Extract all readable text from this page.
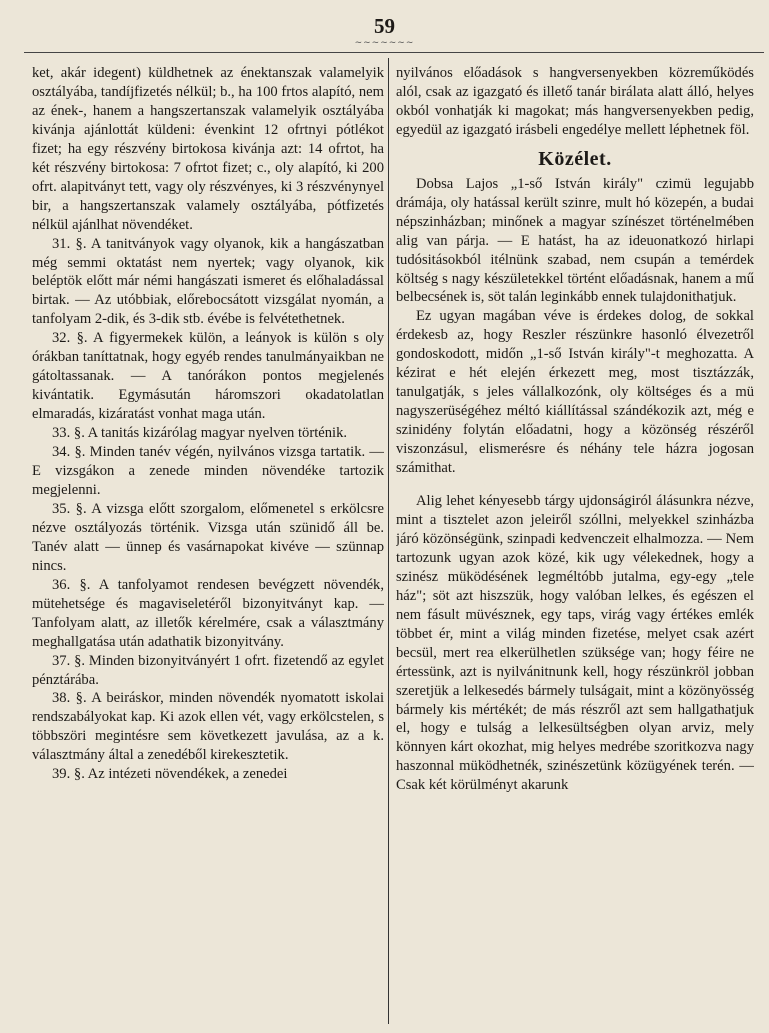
59
~~~~~~~

ket, akár idegent) küldhetnek az énektanszak valamelyik osztályába, tandíjfizetés nélkül; b., ha 100 frtos alapító, nem az ének-, hanem a hangszertanszak valamelyik osztályába kivánja ajánlottát küldeni: évenkint 12 ofrtnyi pótlékot fizet; ha egy részvény birtokosa kivánja azt: 14 ofrtot, ha két részvény birtokosa: 7 ofrtot fizet; c., oly alapító, ki 200 ofrt. alapitványt tett, vagy oly részvényes, ki 3 részvénynyel bir, a hangszertanszak valamely osztályába, pótfizetés nélkül ajánlhat növendéket.

31. §. A tanitványok vagy olyanok, kik a hangászatban még semmi oktatást nem nyertek; vagy olyanok, kik beléptök előtt már némi hangászati ismeret és előhaladással birtak. — Az utóbbiak, előrebocsátott vizsgálat nyomán, a tanfolyam 2-dik, és 3-dik stb. évébe is felvétethetnek.

32. §. A figyermekek külön, a leányok is külön s oly órákban taníttatnak, hogy egyéb rendes tanulmányaikban ne gátoltassanak. — A tanórákon pontos megjelenés kivántatik. Egymásután háromszori okadatolatlan elmaradás, kizáratást vonhat maga után.

33. §. A tanitás kizárólag magyar nyelven történik.

34. §. Minden tanév végén, nyilvános vizsga tartatik. — E vizsgákon a zenede minden növendéke tartozik megjelenni.

35. §. A vizsga előtt szorgalom, előmenetel s erkölcsre nézve osztályozás történik. Vizsga után szünidő áll be. Tanév alatt — ünnep és vasárnapokat kivéve — szünnap nincs.

36. §. A tanfolyamot rendesen bevégzett növendék, mütehetsége és magaviseletéről bizonyitványt kap. — Tanfolyam alatt, az illetők kérelmére, csak a választmány meghallgatása után adathatik bizonyitvány.

37. §. Minden bizonyitványért 1 ofrt. fizetendő az egylet pénztárába.

38. §. A beiráskor, minden növendék nyomatott iskolai rendszabályokat kap. Ki azok ellen vét, vagy erkölcstelen, s többszöri megintésre sem következett javulása, az a k. választmány által a zenedéből kirekesztetik.

39. §. Az intézeti növendékek, a zenedei

nyilvános előadások s hangversenyekben közreműködés alól, csak az igazgató és illető tanár birálata alatt álló, helyes okból vonhatják ki magokat; más hangversenyekben pedig, egyedül az igazgató irásbeli engedélye mellett léphetnek föl.

Közélet.

Dobsa Lajos „1-ső István király" czimü legujabb drámája, oly hatással került szinre, mult hó közepén, a budai népszinházban; minőnek a magyar színészet történelmében alig van párja. — E hatást, ha az ideuonatkozó hirlapi tudósitásokból itélnünk szabad, nem csupán a temérdek költség s nagy készületekkel történt előadásnak, hanem a mű belbecsének is, söt talán leginkább ennek tulajdonithatjuk.

Ez ugyan magában véve is érdekes dolog, de sokkal érdekesb az, hogy Reszler részünkre hasonló élvezetről gondoskodott, midőn „1-ső István király"-t meghozatta. A kézirat e hét elején érkezett meg, most tisztázzák, tanulgatják, s jeles vállalkozónk, oly költséges és a mü nagyszerüségéhez méltó kiállítással szándékozik azt, még e szinidény folytán előadatni, hogy a közönség részéről viszonzásul, elismerésre és néhány tele házra jogosan számithat.

Alig lehet kényesebb tárgy ujdonságiról álásunkra nézve, mint a tisztelet azon jeleiről szóllni, melyekkel szinházba járó közönségünk, szinpadi kedvenczeit elhalmozza. — Nem tartozunk ugyan azok közé, kik ugy vélekednek, hogy a szinész müködésének legméltóbb jutalma, egy-egy „tele ház"; söt azt hiszszük, hogy valóban lelkes, és egészen el nem fásult müvésznek, egy taps, virág vagy értékes emlék többet ér, mint a világ minden fizetése, melyet csak azért becsül, mert rea elkerülhetlen szüksége van; hogy féire ne értessünk, azt is nyilvánitnunk kell, hogy részünkröl jobban szeretjük a lelkesedés bármely tulságait, mint a közönyösség bármely kis mértékét; de más részről azt sem hallgathatjuk el, hogy e tulság a lelkesültségben olyan arviz, mely könnyen kárt okozhat, mig helyes medrébe szoritkozva nagy haszonnal müködhetnék, szinészetünk közügyének terén. — Csak két körülményt akarunk
